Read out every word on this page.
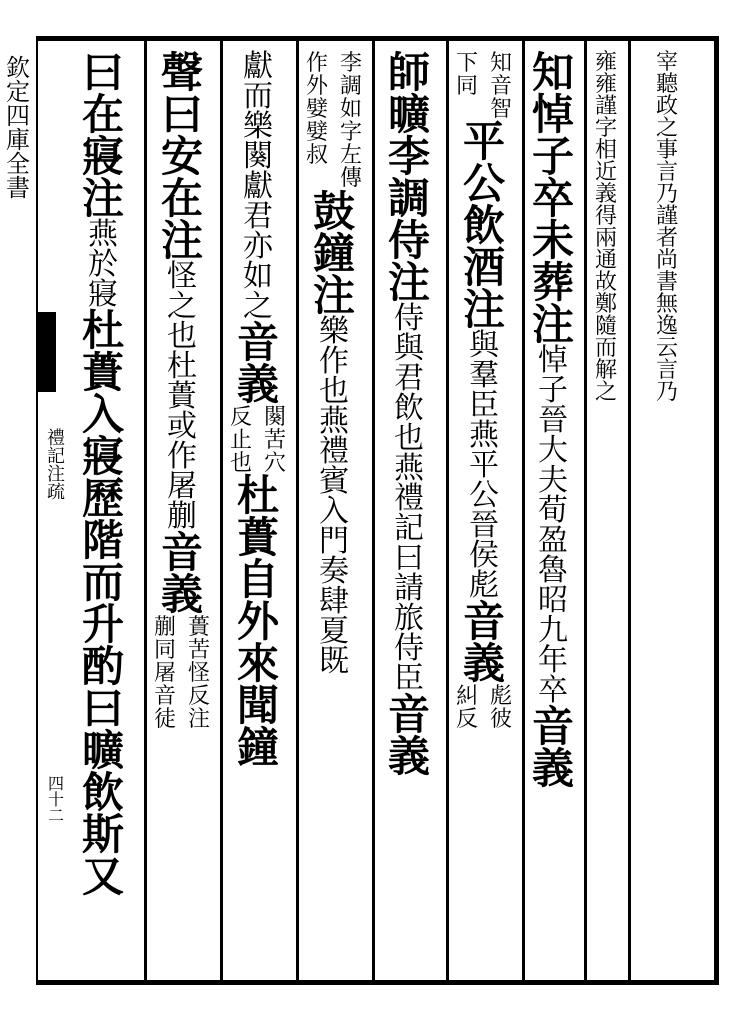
欽
定
四
庫
全
書
禮
記
注
疏
四
十
二
宰
聽
政
之
事
言
乃
謹
者
尚
書
無
逸
云
言
乃
雍
雍
謹
字
相
近
義
得
兩
通
故
鄭
隨
而
解
之
知
悼
子
卒
未
葬
注
悼
子
晉
大
夫
荀
盈
魯
昭
九
年
卒
音
義
知
音
智
下
同
平
公
飲
酒
注
與
羣
臣
燕
平
公
晉
侯
彪
音
義
彪
彼
糾
反
師
曠
李
調
侍
注
侍
與
君
飲
也
燕
禮
記
曰
請
旅
侍
臣
音
義
李
調
如
字
左
傳
作
外
嬖
嬖
叔
鼓
鐘
注
樂
作
也
燕
禮
賓
入
門
奏
肆
夏
既
獻
而
樂
闋
獻
君
亦
如
之
音
義
闋
苦
穴
反
止
也
杜
蕢
自
外
來
聞
鐘
聲
曰
安
在
注
怪
之
也
杜
蕢
或
作
屠
蒯
音
義
蕢
苦
怪
反
注
蒯
同
屠
音
徒
曰
在
寢
注
燕
於
寢
杜
蕢
入
寢
歷
階
而
升
酌
曰
曠
飲
斯
又
